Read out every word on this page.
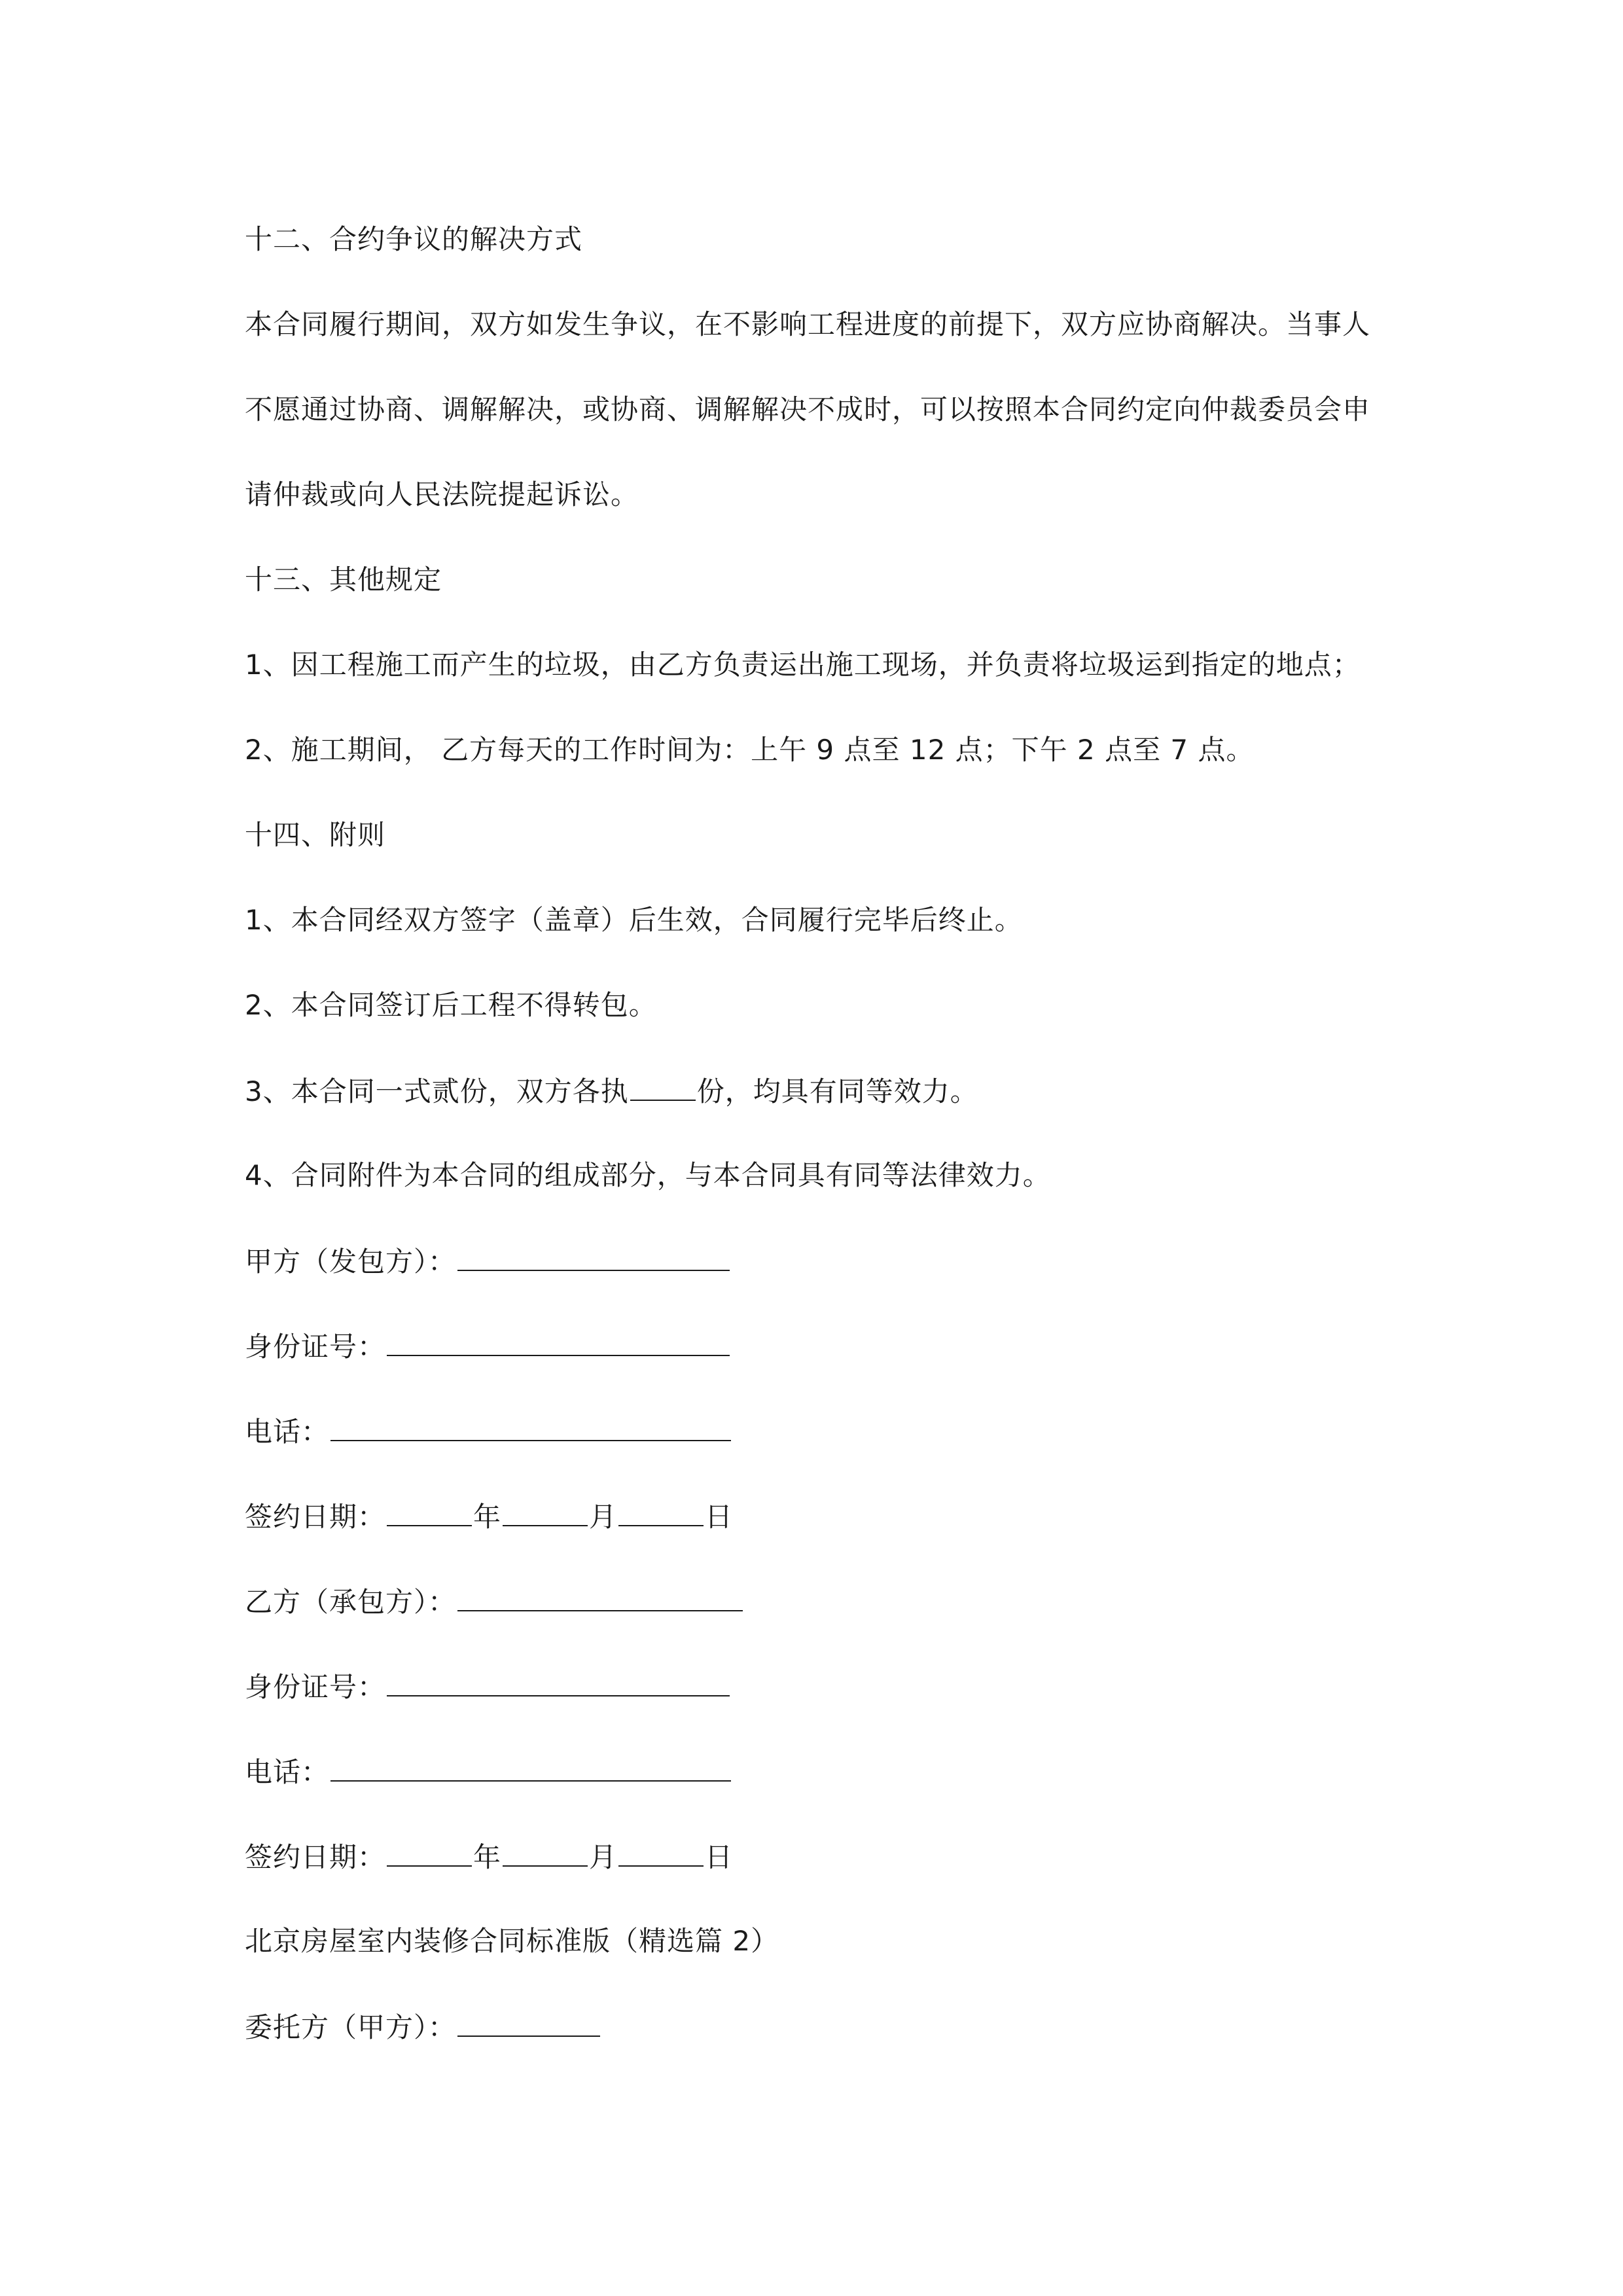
十二、合约争议的解决方式
本合同履行期间，双方如发生争议，在不影响工程进度的前提下，双方应协商解决。当事人
不愿通过协商、调解解决，或协商、调解解决不成时，可以按照本合同约定向仲裁委员会申
请仲裁或向人民法院提起诉讼。
十三、其他规定
1、因工程施工而产生的垃圾，由乙方负责运出施工现场，并负责将垃圾运到指定的地点；
2、施工期间， 乙方每天的工作时间为：上午 9 点至 12 点；下午 2 点至 7 点。
十四、附则
1、本合同经双方签字（盖章）后生效，合同履行完毕后终止。
2、本合同签订后工程不得转包。
3、本合同一式贰份，双方各执 份，均具有同等效力。
4、合同附件为本合同的组成部分，与本合同具有同等法律效力。
甲方（发包方）：
身份证号：
电话：
签约日期：	年	月	日
乙方（承包方）：
身份证号：
电话：
签约日期：	年	月	日
北京房屋室内装修合同标准版（精选篇 2）
委托方（甲方）：
